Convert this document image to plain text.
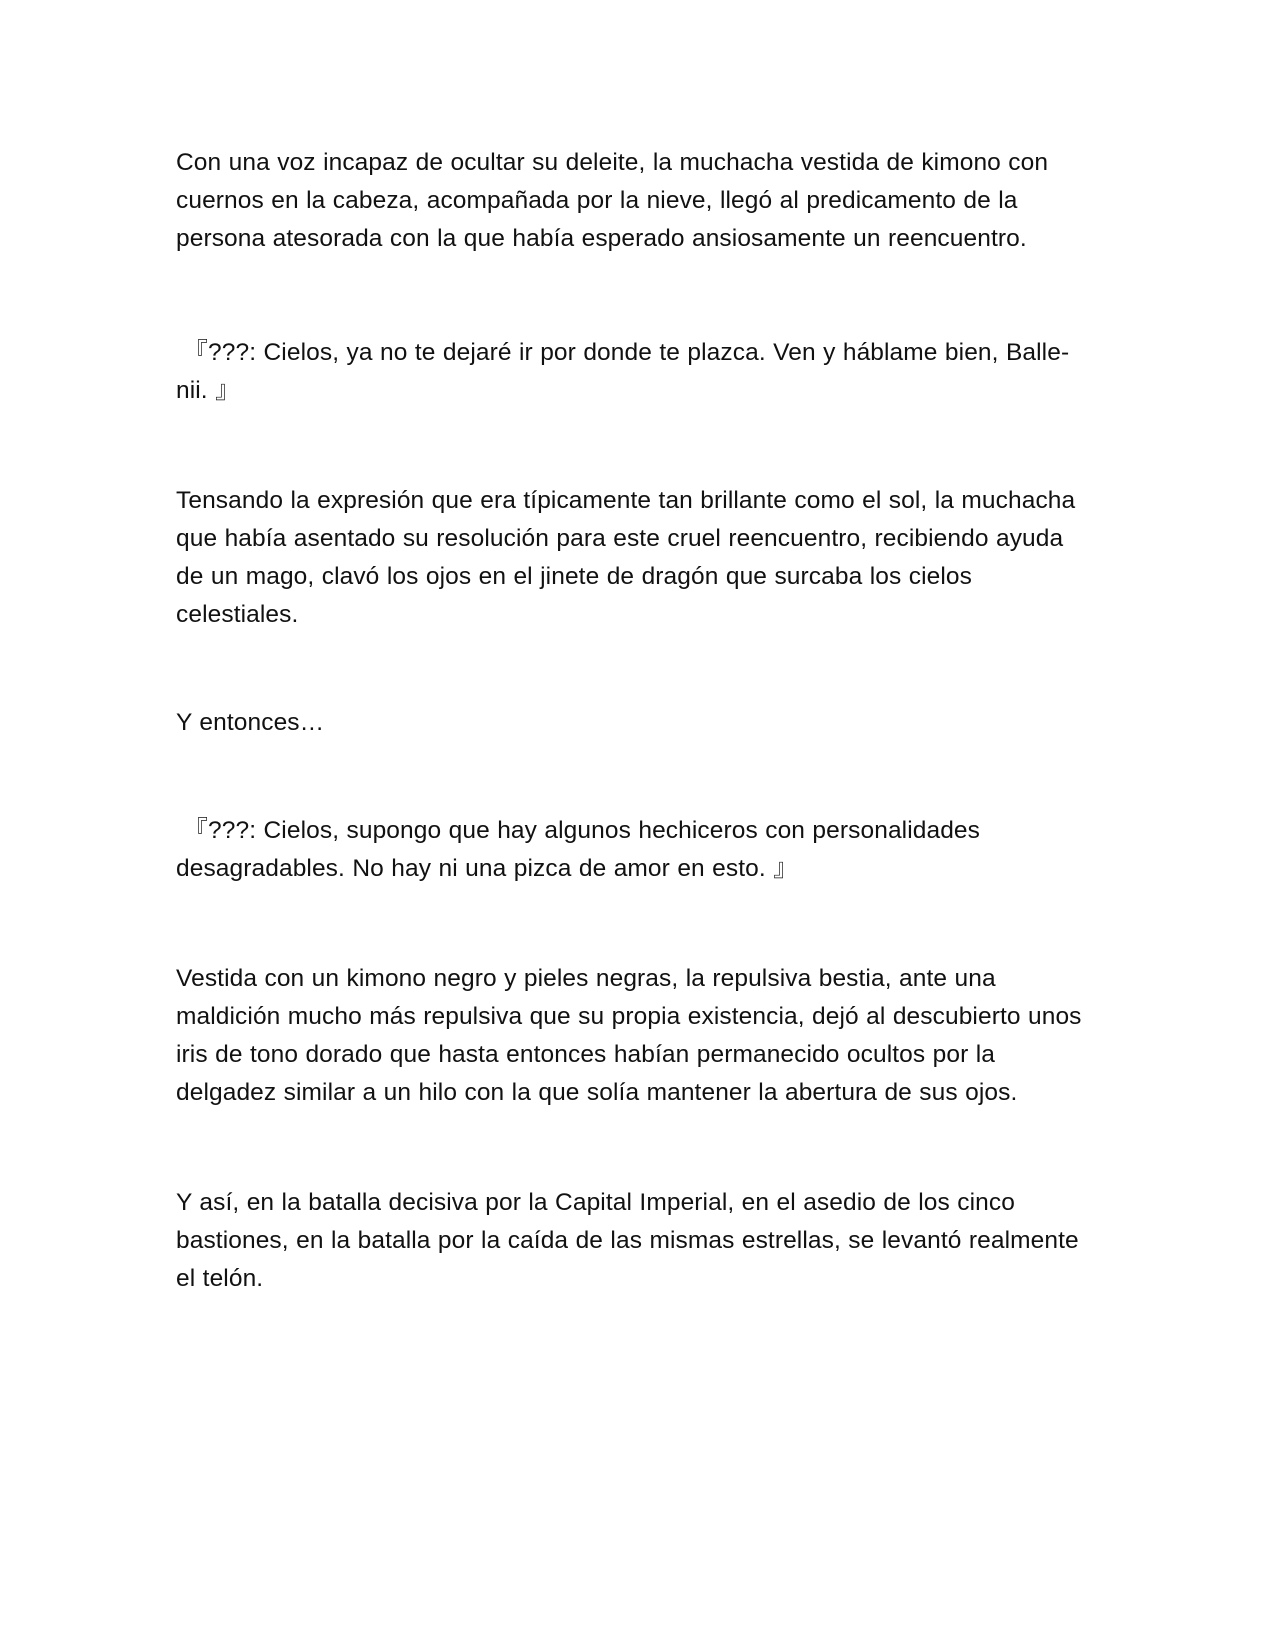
Con una voz incapaz de ocultar su deleite, la muchacha vestida de kimono con cuernos en la cabeza, acompañada por la nieve, llegó al predicamento de la persona atesorada con la que había esperado ansiosamente un reencuentro.

『???: Cielos, ya no te dejaré ir por donde te plazca. Ven y háblame bien, Balle-nii. 』

Tensando la expresión que era típicamente tan brillante como el sol, la muchacha que había asentado su resolución para este cruel reencuentro, recibiendo ayuda de un mago, clavó los ojos en el jinete de dragón que surcaba los cielos celestiales.

Y entonces…

『???: Cielos, supongo que hay algunos hechiceros con personalidades desagradables. No hay ni una pizca de amor en esto. 』

Vestida con un kimono negro y pieles negras, la repulsiva bestia, ante una maldición mucho más repulsiva que su propia existencia, dejó al descubierto unos iris de tono dorado que hasta entonces habían permanecido ocultos por la delgadez similar a un hilo con la que solía mantener la abertura de sus ojos.

Y así, en la batalla decisiva por la Capital Imperial, en el asedio de los cinco bastiones, en la batalla por la caída de las mismas estrellas, se levantó realmente el telón.
